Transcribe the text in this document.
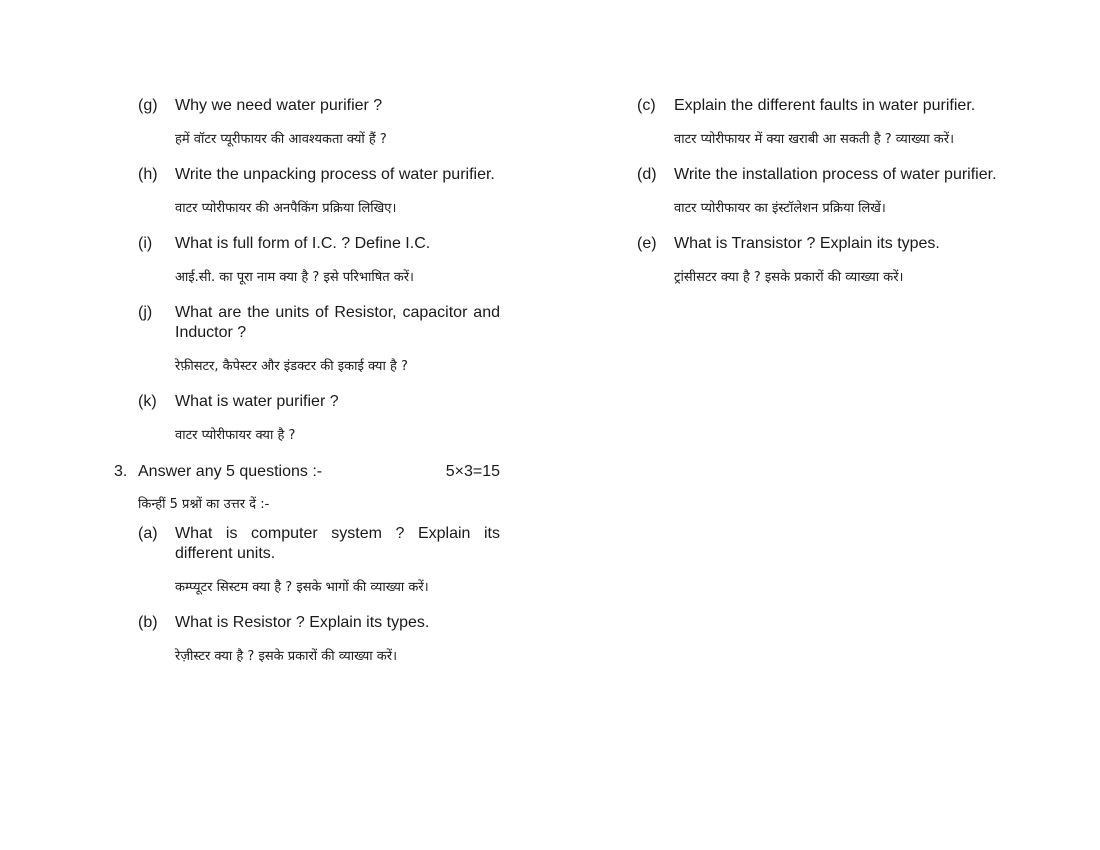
(g)	Why we need water purifier ?
हमें वॉटर प्यूरीफायर की आवश्यकता क्यों हैं ?
(h)	Write the unpacking process of water purifier.
वाटर प्योरीफायर की अनपैकिंग प्रक्रिया लिखिए।
(i)	What is full form of I.C. ? Define I.C.
आई.सी. का पूरा नाम क्या है ? इसे परिभाषित करें।
(j)	What are the units of Resistor, capacitor and Inductor ?
रेफ़ीसटर, कैपेस्टर और इंडक्टर की इकाई क्या है ?
(k)	What is water purifier ?
वाटर प्योरीफायर क्या है ?
3. Answer any 5 questions :-	5×3=15
किन्हीं 5 प्रश्नों का उत्तर दें :-
(a)	What is computer system ? Explain its different units.
कम्प्यूटर सिस्टम क्या है ? इसके भागों की व्याख्या करें।
(b)	What is Resistor ? Explain its types.
रेज़ीस्टर क्या है ? इसके प्रकारों की व्याख्या करें।
(c)	Explain the different faults in water purifier.
वाटर प्योरीफायर में क्या खराबी आ सकती है ? व्याख्या करें।
(d)	Write the installation process of water purifier.
वाटर प्योरीफायर का इंस्टॉलेशन प्रक्रिया लिखें।
(e)	What is Transistor ? Explain its types.
ट्रांसीसटर क्या है ? इसके प्रकारों की व्याख्या करें।
